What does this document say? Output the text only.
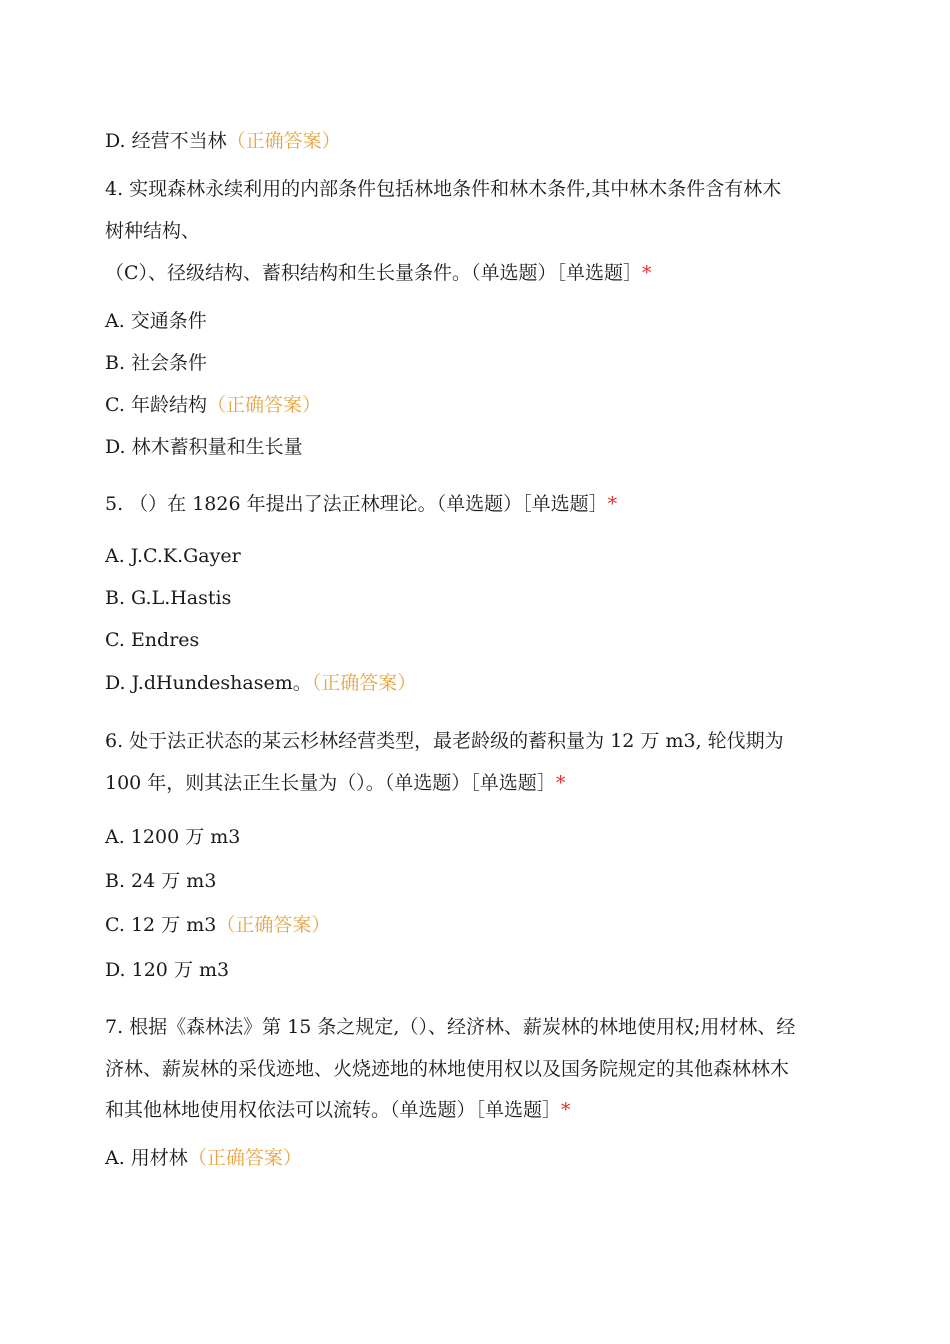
D. 经营不当林（正确答案）
4. 实现森林永续利用的内部条件包括林地条件和林木条件,其中林木条件含有林木
树种结构、
（C）、径级结构、蓄积结构和生长量条件。（单选题）［单选题］*
A. 交通条件
B. 社会条件
C. 年龄结构（正确答案）
D. 林木蓄积量和生长量
5. （）在 1826 年提出了法正林理论。（单选题）［单选题］*
A. J.C.K.Gayer
B. G.L.Hastis
C. Endres
D. J.dHundeshasem。（正确答案）
6. 处于法正状态的某云杉林经营类型，最老龄级的蓄积量为 12 万 m3, 轮伐期为
100 年，则其法正生长量为（）。（单选题）［单选题］*
A. 1200 万 m3
B. 24 万 m3
C. 12 万 m3（正确答案）
D. 120 万 m3
7. 根据《森林法》第 15 条之规定,（）、经济林、薪炭林的林地使用权;用材林、经
济林、薪炭林的采伐迹地、火烧迹地的林地使用权以及国务院规定的其他森林林木
和其他林地使用权依法可以流转。（单选题）［单选题］*
A. 用材林（正确答案）
